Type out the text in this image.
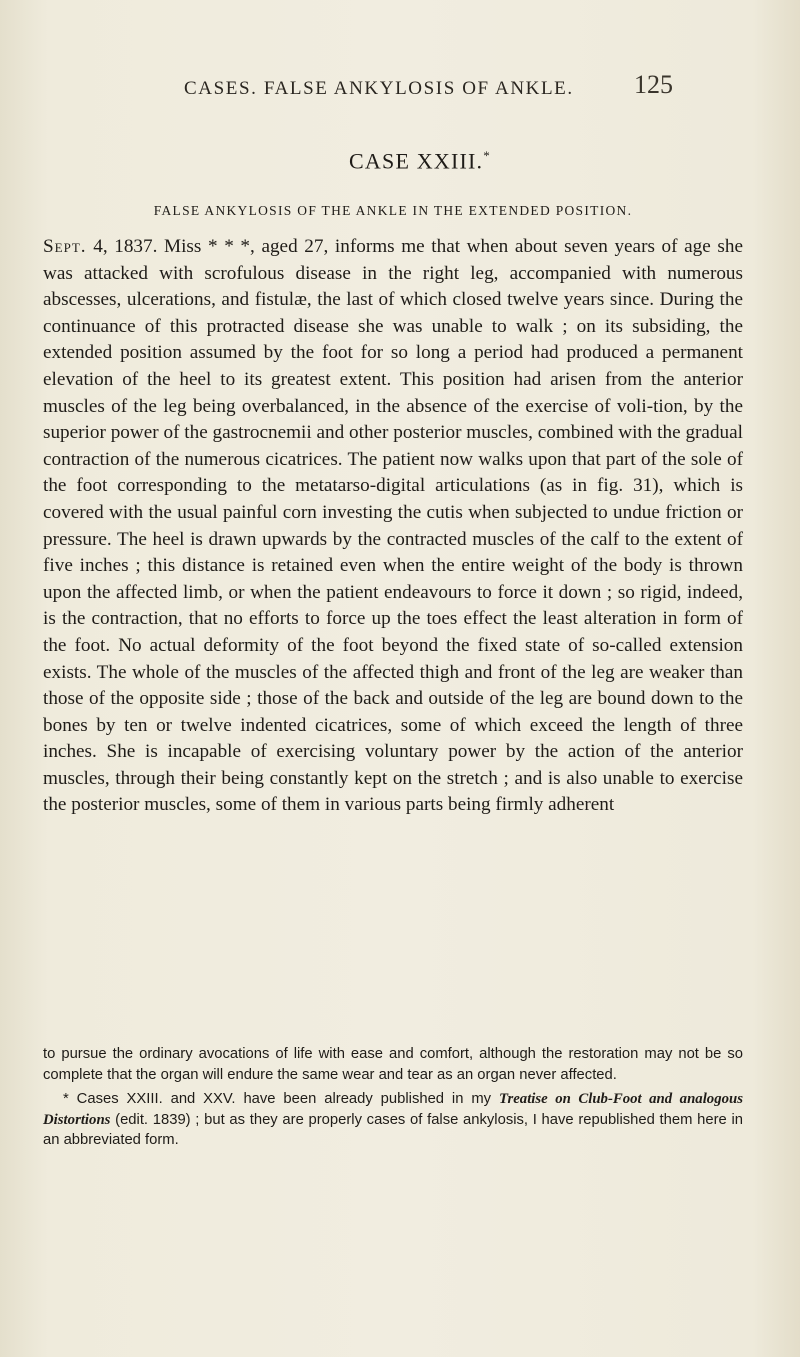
CASES. FALSE ANKYLOSIS OF ANKLE. 125
CASE XXIII.*
FALSE ANKYLOSIS OF THE ANKLE IN THE EXTENDED POSITION.
Sept. 4, 1837. Miss * * *, aged 27, informs me that when about seven years of age she was attacked with scrofulous disease in the right leg, accompanied with numerous abscesses, ulcerations, and fistulæ, the last of which closed twelve years since. During the continuance of this protracted disease she was unable to walk ; on its subsiding, the extended position assumed by the foot for so long a period had produced a permanent elevation of the heel to its greatest extent. This position had arisen from the anterior muscles of the leg being overbalanced, in the absence of the exercise of voli-tion, by the superior power of the gastrocnemii and other posterior muscles, combined with the gradual contraction of the numerous cicatrices. The patient now walks upon that part of the sole of the foot corresponding to the metatarso-digital articulations (as in fig. 31), which is covered with the usual painful corn investing the cutis when subjected to undue friction or pressure. The heel is drawn upwards by the contracted muscles of the calf to the extent of five inches ; this distance is retained even when the entire weight of the body is thrown upon the affected limb, or when the patient endeavours to force it down ; so rigid, indeed, is the contraction, that no efforts to force up the toes effect the least alteration in form of the foot. No actual deformity of the foot beyond the fixed state of so-called extension exists. The whole of the muscles of the affected thigh and front of the leg are weaker than those of the opposite side ; those of the back and outside of the leg are bound down to the bones by ten or twelve indented cicatrices, some of which exceed the length of three inches. She is incapable of exercising voluntary power by the action of the anterior muscles, through their being constantly kept on the stretch ; and is also unable to exercise the posterior muscles, some of them in various parts being firmly adherent

to pursue the ordinary avocations of life with ease and comfort, although the restoration may not be so complete that the organ will endure the same wear and tear as an organ never affected.

* Cases XXIII. and XXV. have been already published in my Treatise on Club-Foot and analogous Distortions (edit. 1839) ; but as they are properly cases of false ankylosis, I have republished them here in an abbreviated form.
